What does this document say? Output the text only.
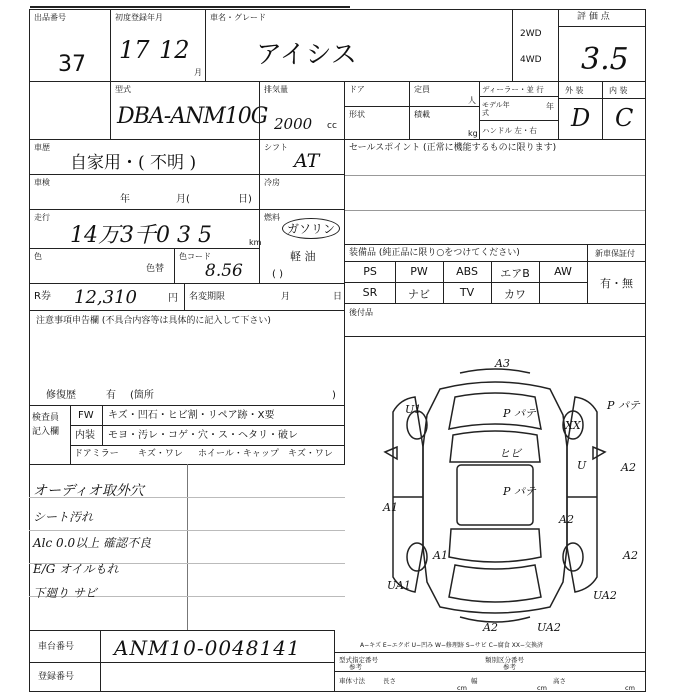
出品番号
37
初度登録年月
17 12
月
車名・グレード
アイシス
2WD
4WD
評 価 点
3.5
型式
DBA-ANM10G
排気量
2000 cc
ドア
形状
定員
人
積載
kg
ディーラー・並 行
モデル年式
年
ハンドル 左・右
外 装	内 装
D C
車歴
自家用・( 不明 )
シフト
AT
セールスポイント (正常に機能するものに限ります)
車検
年	月(	日)
冷房
走行
14万3千0 3 5	km
燃料
ガソリン
軽 油
( )
色
色替
色コード
8.56
装備品 (純正品に限り○をつけてください)	新車保証付
PS	PW	ABS	エアB	AW
SR	ナビ	TV	カワ
有・無
R券 12,310	円 名変期限	月	日
後付品
注意事項申告欄 (不具合内容等は具体的に記入して下さい)
修復歴	有 (箇所	)
検査員
記入欄
FW キズ・凹石・ヒビ割・リペア跡・X要
内装 モヨ・汚レ・コゲ・穴・ス・ヘタリ・破レ
ドアミラー キズ・ワレ ホイール・キャップ キズ・ワレ
オーディオ取外穴
シート汚れ
Alc 0.0以上 確認不良
E/G オイルもれ
下廻り サビ
A3
U1	P パテ
P パテ
XX
ヒビ
P パテ
U	A2
A1
A2
A1	A2
UA1
UA2
A2	UA2
A−キズ E−エクボ U−凹み W−修理跡 S−サビ C−腐食 XX−交換済
車台番号 ANM10-0048141
登録番号
型式指定番号
参考
類別区分番号
参考
車体寸法	長さ
cm
幅
cm
高さ
cm
